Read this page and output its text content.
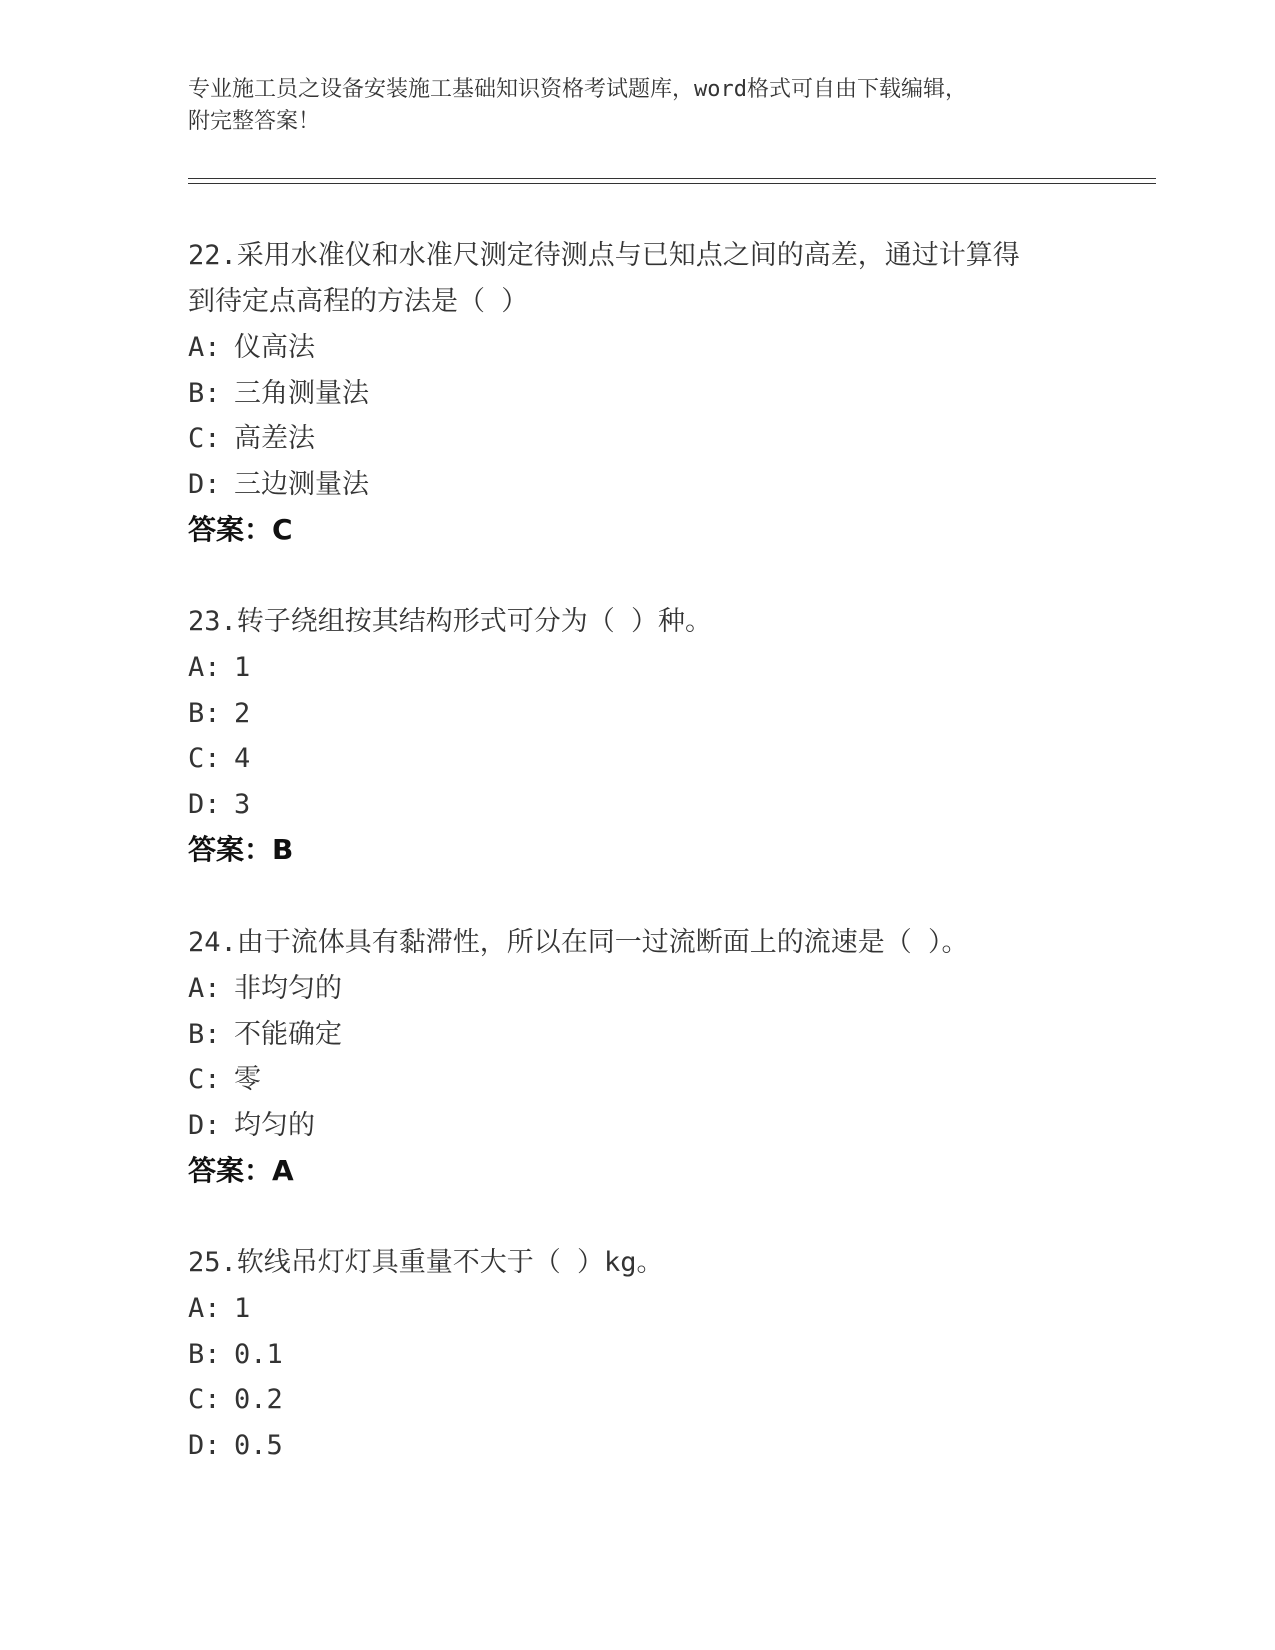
专业施工员之设备安装施工基础知识资格考试题库，word格式可自由下载编辑，
附完整答案！
22.采用水准仪和水准尺测定待测点与已知点之间的高差，通过计算得
到待定点高程的方法是（ ）
A: 仪高法
B: 三角测量法
C: 高差法
D: 三边测量法
答案：C
23.转子绕组按其结构形式可分为（ ）种。
A: 1
B: 2
C: 4
D: 3
答案：B
24.由于流体具有黏滞性，所以在同一过流断面上的流速是（ ）。
A: 非均匀的
B: 不能确定
C: 零
D: 均匀的
答案：A
25.软线吊灯灯具重量不大于（ ）kg。
A: 1
B: 0.1
C: 0.2
D: 0.5
